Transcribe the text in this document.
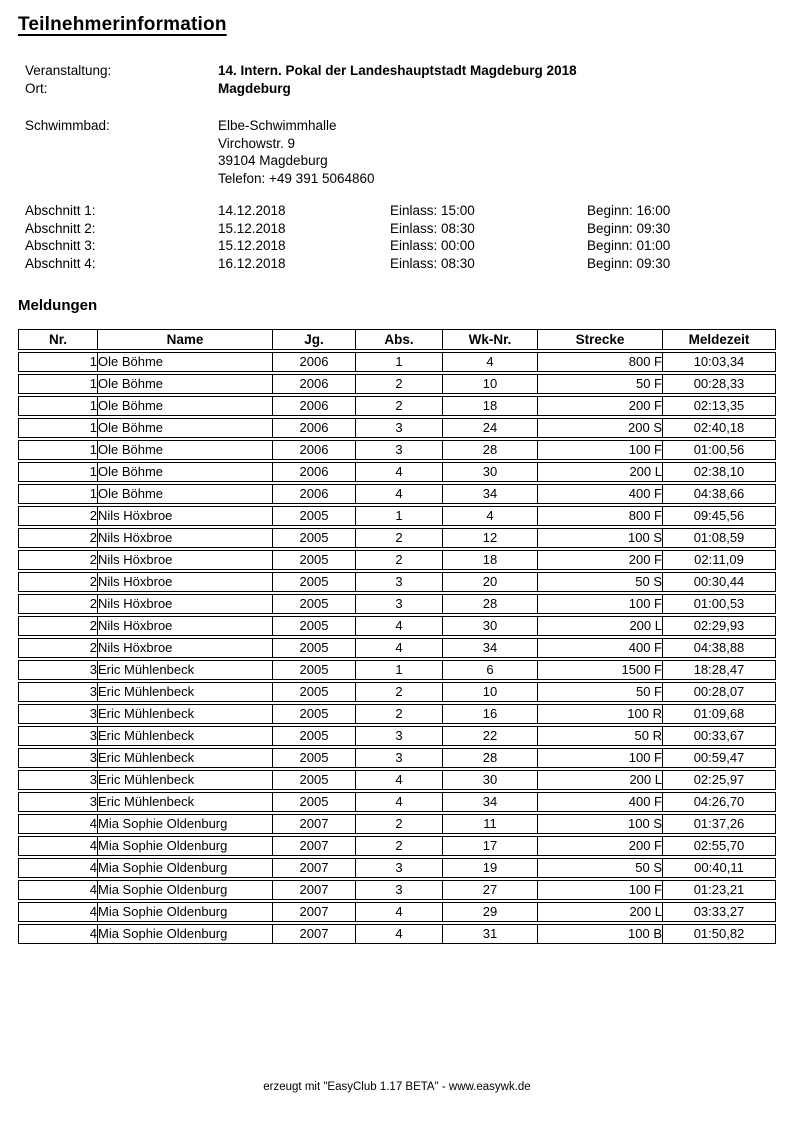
Teilnehmerinformation
Veranstaltung:	14. Intern. Pokal der Landeshauptstadt Magdeburg 2018
Ort:	Magdeburg
Schwimmbad:	Elbe-Schwimmhalle
Virchowstr. 9
39104 Magdeburg
Telefon: +49 391 5064860
Abschnitt 1:	14.12.2018	Einlass: 15:00	Beginn: 16:00
Abschnitt 2:	15.12.2018	Einlass: 08:30	Beginn: 09:30
Abschnitt 3:	15.12.2018	Einlass: 00:00	Beginn: 01:00
Abschnitt 4:	16.12.2018	Einlass: 08:30	Beginn: 09:30
Meldungen
Nr.	Name	Jg.	Abs.	Wk-Nr.	Strecke	Meldezeit
1	Ole Böhme	2006	1	4	800 F	10:03,34
1	Ole Böhme	2006	2	10	50 F	00:28,33
1	Ole Böhme	2006	2	18	200 F	02:13,35
1	Ole Böhme	2006	3	24	200 S	02:40,18
1	Ole Böhme	2006	3	28	100 F	01:00,56
1	Ole Böhme	2006	4	30	200 L	02:38,10
1	Ole Böhme	2006	4	34	400 F	04:38,66
2	Nils Höxbroe	2005	1	4	800 F	09:45,56
2	Nils Höxbroe	2005	2	12	100 S	01:08,59
2	Nils Höxbroe	2005	2	18	200 F	02:11,09
2	Nils Höxbroe	2005	3	20	50 S	00:30,44
2	Nils Höxbroe	2005	3	28	100 F	01:00,53
2	Nils Höxbroe	2005	4	30	200 L	02:29,93
2	Nils Höxbroe	2005	4	34	400 F	04:38,88
3	Eric Mühlenbeck	2005	1	6	1500 F	18:28,47
3	Eric Mühlenbeck	2005	2	10	50 F	00:28,07
3	Eric Mühlenbeck	2005	2	16	100 R	01:09,68
3	Eric Mühlenbeck	2005	3	22	50 R	00:33,67
3	Eric Mühlenbeck	2005	3	28	100 F	00:59,47
3	Eric Mühlenbeck	2005	4	30	200 L	02:25,97
3	Eric Mühlenbeck	2005	4	34	400 F	04:26,70
4	Mia Sophie Oldenburg	2007	2	11	100 S	01:37,26
4	Mia Sophie Oldenburg	2007	2	17	200 F	02:55,70
4	Mia Sophie Oldenburg	2007	3	19	50 S	00:40,11
4	Mia Sophie Oldenburg	2007	3	27	100 F	01:23,21
4	Mia Sophie Oldenburg	2007	4	29	200 L	03:33,27
4	Mia Sophie Oldenburg	2007	4	31	100 B	01:50,82
erzeugt mit "EasyClub 1.17 BETA" - www.easywk.de
